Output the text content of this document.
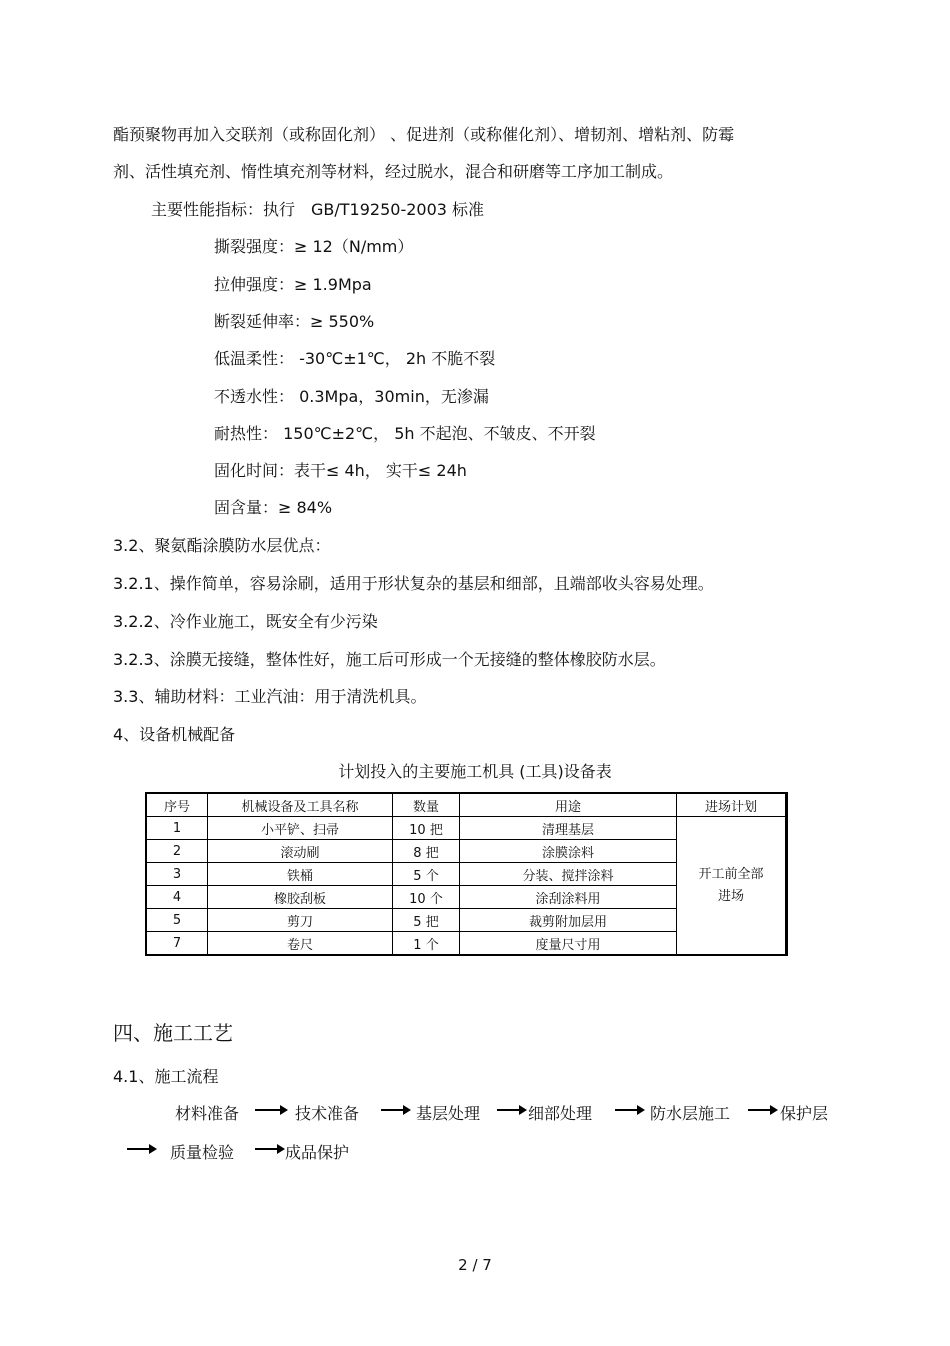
酯预聚物再加入交联剂（或称固化剂） 、促进剂（或称催化剂）、增韧剂、增粘剂、防霉
剂、活性填充剂、惰性填充剂等材料，经过脱水，混合和研磨等工序加工制成。
主要性能指标：执行　GB/T19250-2003 标准
撕裂强度：≥ 12（N/mm）
拉伸强度：≥ 1.9Mpa
断裂延伸率：≥ 550%
低温柔性： -30℃±1℃， 2h 不脆不裂
不透水性： 0.3Mpa，30min，无渗漏
耐热性： 150℃±2℃， 5h 不起泡、不皱皮、不开裂
固化时间：表干≤ 4h， 实干≤ 24h
固含量：≥ 84%
3.2、聚氨酯涂膜防水层优点：
3.2.1、操作简单，容易涂刷，适用于形状复杂的基层和细部，且端部收头容易处理。
3.2.2、冷作业施工，既安全有少污染
3.2.3、涂膜无接缝，整体性好，施工后可形成一个无接缝的整体橡胶防水层。
3.3、辅助材料：工业汽油：用于清洗机具。
4、设备机械配备
计划投入的主要施工机具 (工具)设备表
序号	机械设备及工具名称	数量	用途	进场计划
1	小平铲、扫帚	10 把	清理基层	开工前全部
进场

2	滚动刷	8 把	涂膜涂料	
3	铁桶	5 个	分装、搅拌涂料	
4	橡胶刮板	10 个	涂刮涂料用	
5	剪刀	5 把	裁剪附加层用	
7	卷尺	1 个	度量尺寸用	
四、施工工艺
4.1、施工流程
材料准备	技术准备	基层处理	细部处理	防水层施工	保护层
质量检验	成品保护
2 / 7
